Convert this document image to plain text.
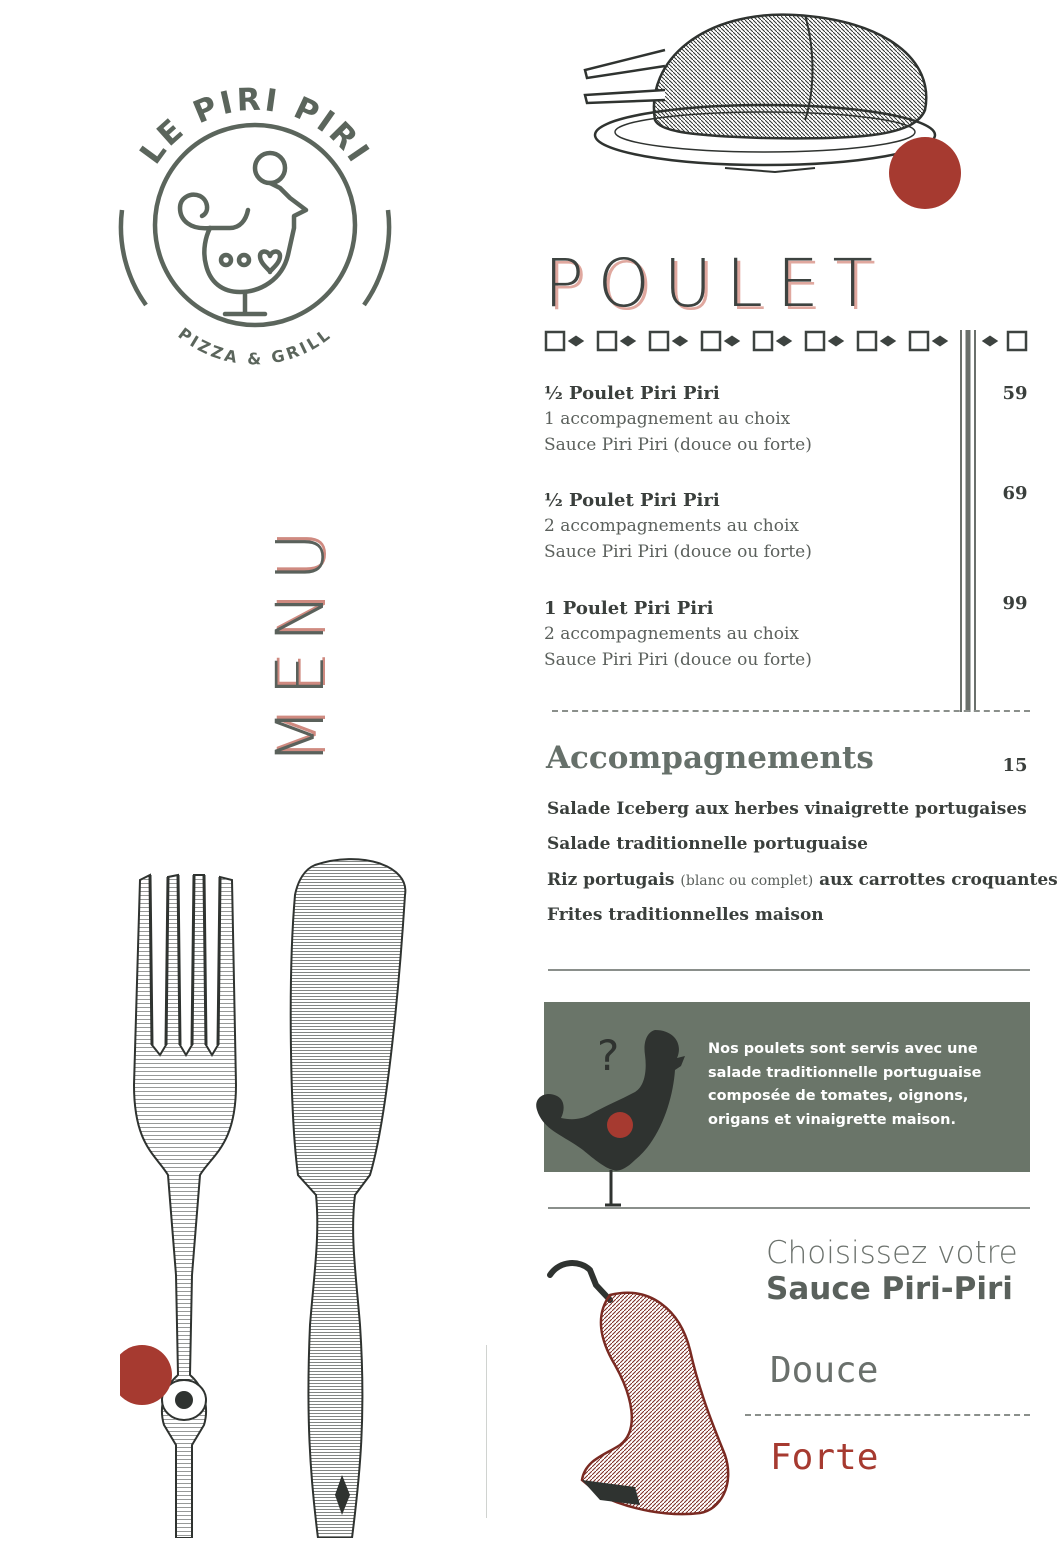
LE PIRI PIRI
PIZZA & GRILL
MENU
POULET
½ Poulet Piri Piri
1 accompagnement au choix
Sauce Piri Piri (douce ou forte)
59
½ Poulet Piri Piri
2 accompagnements au choix
Sauce Piri Piri (douce ou forte)
69
1 Poulet Piri Piri
2 accompagnements au choix
Sauce Piri Piri (douce ou forte)
99
Accompagnements	15
Salade Iceberg aux herbes vinaigrette portugaises
Salade traditionnelle portuguaise
Riz portugais (blanc ou complet) aux carrottes croquantes
Frites traditionnelles maison
?	Nos poulets sont servis avec une
salade traditionnelle portuguaise
composée de tomates, oignons,
origans et vinaigrette maison.
Choisissez votre
Sauce Piri-Piri
Douce
Forte
